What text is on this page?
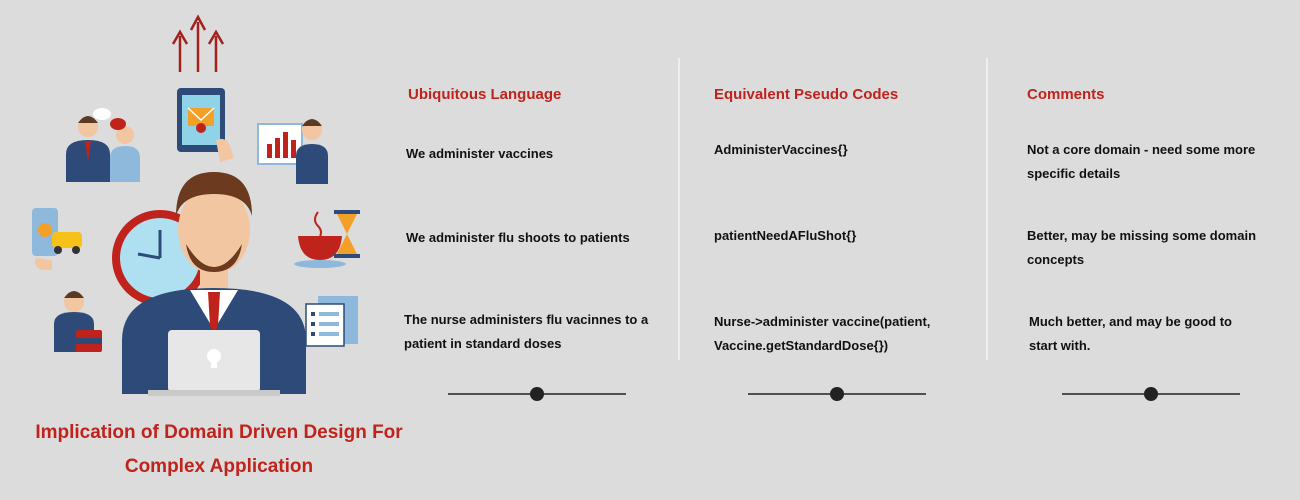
Implication of Domain Driven Design For
Complex Application
Ubiquitous Language
We administer vaccines
We administer flu shoots to patients
The nurse administers flu vacinnes to a patient in standard doses
Equivalent Pseudo Codes
AdministerVaccines{}
patientNeedAFluShot{}
Nurse->administer vaccine(patient, Vaccine.getStandardDose{})
Comments
Not a core domain - need some more specific details
Better, may be missing some domain concepts
Much better, and may be good to start with.
